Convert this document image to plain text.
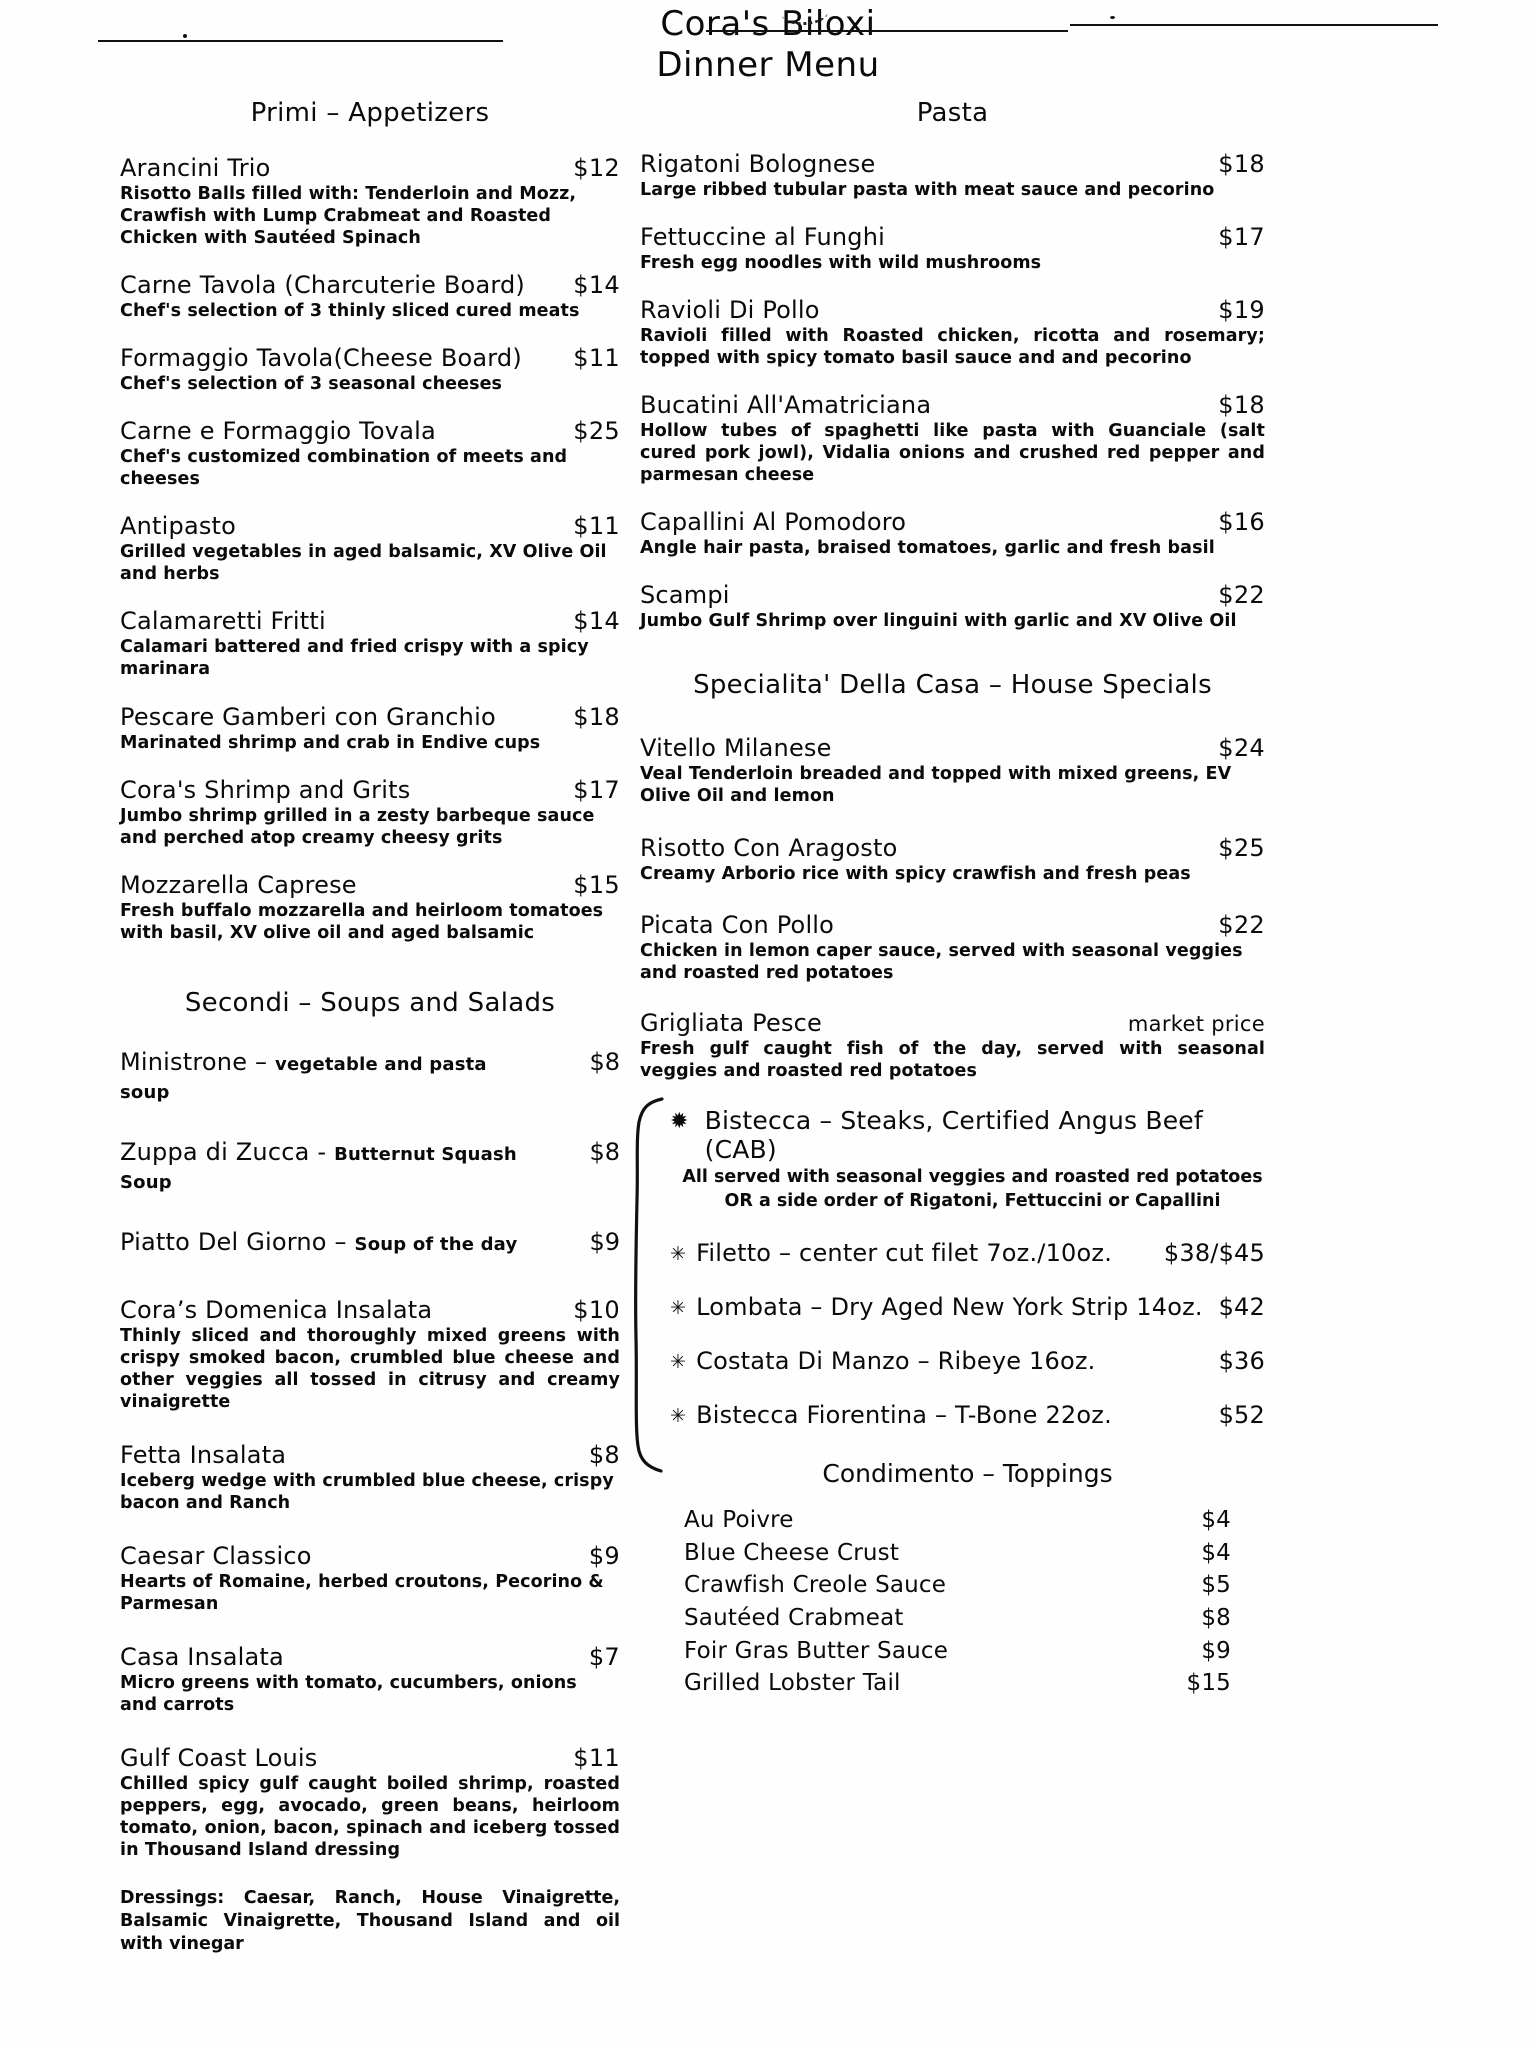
Cora's Biloxi
Dinner Menu
Primi – Appetizers
Arancini Trio	$12
Risotto Balls filled with: Tenderloin and Mozz, Crawfish with Lump Crabmeat and Roasted Chicken with Sautéed Spinach
Carne Tavola (Charcuterie Board)	$14
Chef's selection of 3 thinly sliced cured meats
Formaggio Tavola(Cheese Board)	$11
Chef's selection of 3 seasonal cheeses
Carne e Formaggio Tovala	$25
Chef's customized combination of meets and cheeses
Antipasto	$11
Grilled vegetables in aged balsamic, XV Olive Oil and herbs
Calamaretti Fritti	$14
Calamari battered and fried crispy with a spicy marinara
Pescare Gamberi con Granchio	$18
Marinated shrimp and crab in Endive cups
Cora's Shrimp and Grits	$17
Jumbo shrimp grilled in a zesty barbeque sauce and perched atop creamy cheesy grits
Mozzarella Caprese	$15
Fresh buffalo mozzarella and heirloom tomatoes with basil, XV olive oil and aged balsamic
Secondi – Soups and Salads
Ministrone – vegetable and pasta soup
$8
Zuppa di Zucca - Butternut Squash Soup
$8
Piatto Del Giorno – Soup of the day	$9
Cora’s Domenica Insalata	$10
Thinly sliced and thoroughly mixed greens with crispy smoked bacon, crumbled blue cheese and other veggies all tossed in citrusy and creamy vinaigrette
Fetta Insalata	$8
Iceberg wedge with crumbled blue cheese, crispy bacon and Ranch
Caesar Classico	$9
Hearts of Romaine, herbed croutons, Pecorino & Parmesan
Casa Insalata	$7
Micro greens with tomato, cucumbers, onions and carrots
Gulf Coast Louis	$11
Chilled spicy gulf caught boiled shrimp, roasted peppers, egg, avocado, green beans, heirloom tomato, onion, bacon, spinach and iceberg tossed in Thousand Island dressing
Dressings: Caesar, Ranch, House Vinaigrette, Balsamic Vinaigrette, Thousand Island and oil with vinegar
Pasta
Rigatoni Bolognese	$18
Large ribbed tubular pasta with meat sauce and pecorino
Fettuccine al Funghi	$17
Fresh egg noodles with wild mushrooms
Ravioli Di Pollo	$19
Ravioli filled with Roasted chicken, ricotta and rosemary; topped with spicy tomato basil sauce and and pecorino
Bucatini All'Amatriciana	$18
Hollow tubes of spaghetti like pasta with Guanciale (salt cured pork jowl), Vidalia onions and crushed red pepper and parmesan cheese
Capallini Al Pomodoro	$16
Angle hair pasta, braised tomatoes, garlic and fresh basil
Scampi	$22
Jumbo Gulf Shrimp over linguini with garlic and XV Olive Oil
Specialita' Della Casa – House Specials
Vitello Milanese	$24
Veal Tenderloin breaded and topped with mixed greens, EV Olive Oil and lemon
Risotto Con Aragosto	$25
Creamy Arborio rice with spicy crawfish and fresh peas
Picata Con Pollo	$22
Chicken in lemon caper sauce, served with seasonal veggies and roasted red potatoes
Grigliata Pesce	market price
Fresh gulf caught fish of the day, served with seasonal veggies and roasted red potatoes
✹ Bistecca – Steaks, Certified Angus Beef (CAB)
All served with seasonal veggies and roasted red potatoes
OR a side order of Rigatoni, Fettuccini or Capallini
✳ Filetto – center cut filet 7oz./10oz. $38/$45
✳ Lombata – Dry Aged New York Strip 14oz. $42
✳ Costata Di Manzo – Ribeye 16oz.	$36
✳ Bistecca Fiorentina – T-Bone 22oz.	$52
Condimento – Toppings
Au Poivre	$4
Blue Cheese Crust	$4
Crawfish Creole Sauce	$5
Sautéed Crabmeat	$8
Foir Gras Butter Sauce	$9
Grilled Lobster Tail	$15
